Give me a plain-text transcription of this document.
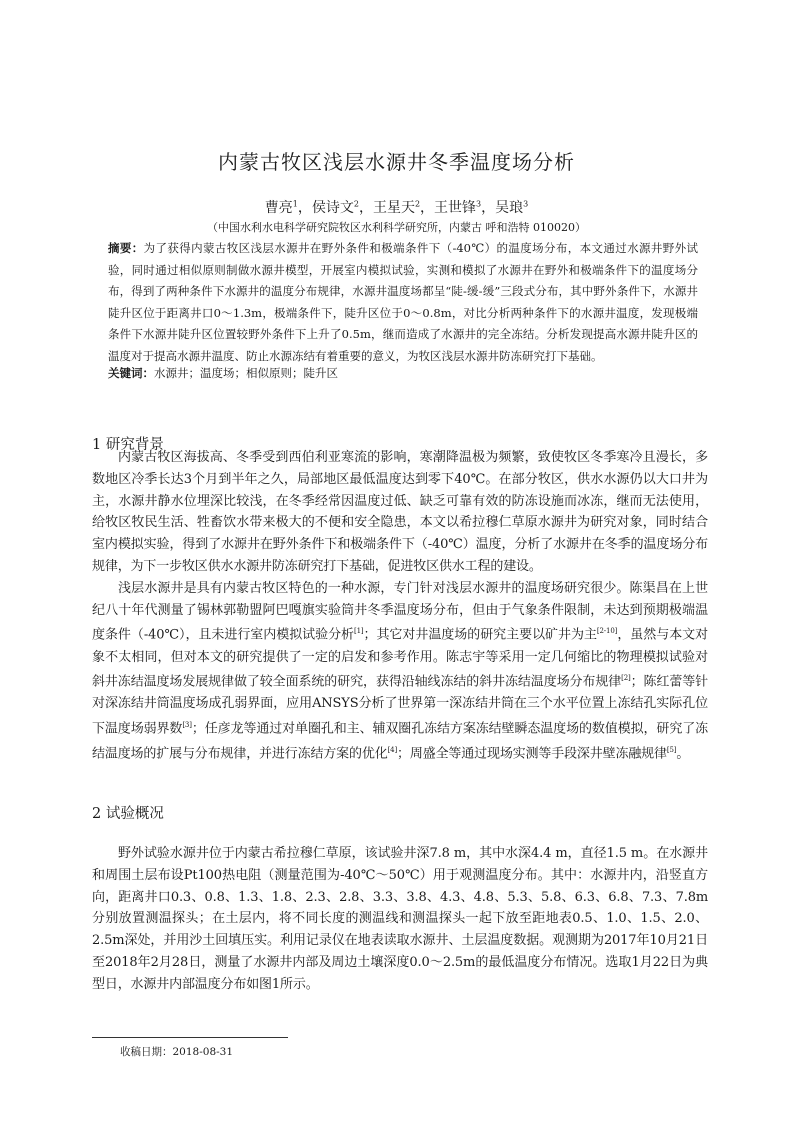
内蒙古牧区浅层水源井冬季温度场分析
曹亮$^1$，侯诗文$^2$，王星天$^2$，王世锋$^3$，吴琅$^3$
（中国水利水电科学研究院牧区水利科学研究所，内蒙古 呼和浩特 010020）
摘要：为了获得内蒙古牧区浅层水源井在野外条件和极端条件下（-40℃）的温度场分布，本文通过水源井野外试验，同时通过相似原则制做水源井模型，开展室内模拟试验，实测和模拟了水源井在野外和极端条件下的温度场分布，得到了两种条件下水源井的温度分布规律，水源井温度场都呈“陡-缓-缓”三段式分布，其中野外条件下，水源井陡升区位于距离井口0～1.3m，极端条件下，陡升区位于0～0.8m，对比分析两种条件下的水源井温度，发现极端条件下水源井陡升区位置较野外条件下上升了0.5m，继而造成了水源井的完全冻结。分析发现提高水源井陡升区的温度对于提高水源井温度、防止水源冻结有着重要的意义，为牧区浅层水源井防冻研究打下基础。
关键词：水源井；温度场；相似原则；陡升区
1 研究背景

内蒙古牧区海拔高、冬季受到西伯利亚寒流的影响，寒潮降温极为频繁，致使牧区冬季寒冷且漫长，多数地区冷季长达3个月到半年之久，局部地区最低温度达到零下40℃。在部分牧区，供水水源仍以大口井为主，水源井静水位埋深比较浅，在冬季经常因温度过低、缺乏可靠有效的防冻设施而冰冻，继而无法使用，给牧区牧民生活、牲畜饮水带来极大的不便和安全隐患，本文以希拉穆仁草原水源井为研究对象，同时结合室内模拟实验，得到了水源井在野外条件下和极端条件下（-40℃）温度，分析了水源井在冬季的温度场分布规律，为下一步牧区供水水源井防冻研究打下基础，促进牧区供水工程的建设。

浅层水源井是具有内蒙古牧区特色的一种水源，专门针对浅层水源井的温度场研究很少。陈渠昌在上世纪八十年代测量了锡林郭勒盟阿巴嘎旗实验筒井冬季温度场分布，但由于气象条件限制，未达到预期极端温度条件（-40℃），且未进行室内模拟试验分析[1]；其它对井温度场的研究主要以矿井为主[2-10]，虽然与本文对象不太相同，但对本文的研究提供了一定的启发和参考作用。陈志宇等采用一定几何缩比的物理模拟试验对斜井冻结温度场发展规律做了较全面系统的研究，获得沿轴线冻结的斜井冻结温度场分布规律[2]；陈红蕾等针对深冻结井筒温度场成孔弱界面，应用ANSYS分析了世界第一深冻结井筒在三个水平位置上冻结孔实际孔位下温度场弱界数[3]；任彦龙等通过对单圈孔和主、辅双圈孔冻结方案冻结壁瞬态温度场的数值模拟，研究了冻结温度场的扩展与分布规律，并进行冻结方案的优化[4]；周盛全等通过现场实测等手段深井壁冻融规律[5]。

2 试验概况

野外试验水源井位于内蒙古希拉穆仁草原，该试验井深7.8 m，其中水深4.4 m，直径1.5 m。在水源井和周围土层布设Pt100热电阻（测量范围为-40℃～50℃）用于观测温度分布。其中：水源井内，沿竖直方向，距离井口0.3、0.8、1.3、1.8、2.3、2.8、3.3、3.8、4.3、4.8、5.3、5.8、6.3、6.8、7.3、7.8m分别放置测温探头；在土层内，将不同长度的测温线和测温探头一起下放至距地表0.5、1.0、1.5、2.0、2.5m深处，并用沙土回填压实。利用记录仪在地表读取水源井、土层温度数据。观测期为2017年10月21日至2018年2月28日，测量了水源井内部及周边土壤深度0.0～2.5m的最低温度分布情况。选取1月22日为典型日，水源井内部温度分布如图1所示。

收稿日期：2018-08-31
